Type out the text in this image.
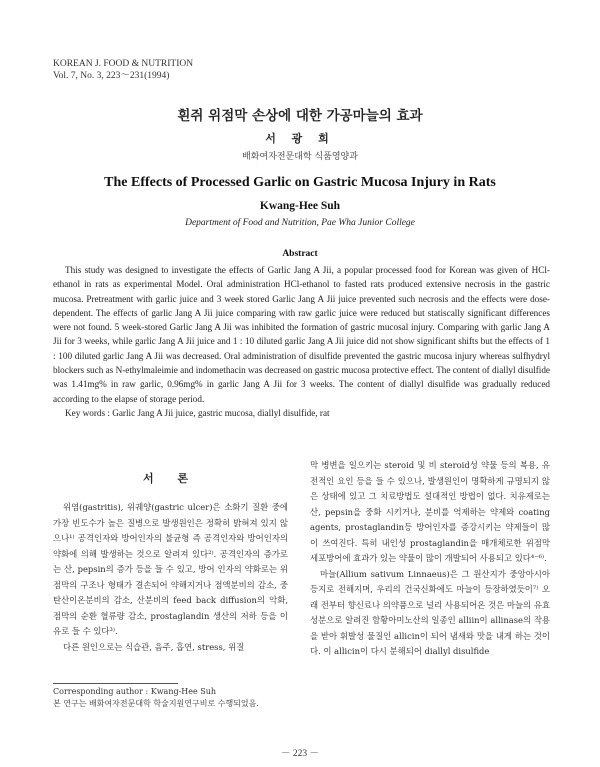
KOREAN J. FOOD & NUTRITION
Vol. 7, No. 3, 223～231(1994)
흰쥐 위점막 손상에 대한 가공마늘의 효과
서 광 희
배화여자전문대학 식품영양과
The Effects of Processed Garlic on Gastric Mucosa Injury in Rats
Kwang-Hee Suh
Department of Food and Nutrition, Pae Wha Junior College
Abstract

This study was designed to investigate the effects of Garlic Jang A Jii, a popular processed food for Korean was given of HCl-ethanol in rats as experimental Model. Oral administration HCl-ethanol to fasted rats produced extensive necrosis in the gastric mucosa. Pretreatment with garlic juice and 3 week stored Garlic Jang A Jii juice prevented such necrosis and the effects were dose-dependent. The effects of garlic Jang A Jii juice comparing with raw garlic juice were reduced but statiscally significant differences were not found. 5 week-stored Garlic Jang A Jii was inhibited the formation of gastric mucosal injury. Comparing with garlic Jang A Jii for 3 weeks, while garlic Jang A Jii juice and 1 : 10 diluted garlic Jang A Jii juice did not show significant shifts but the effects of 1 : 100 diluted garlic Jang A Jii was decreased. Oral administration of disulfide prevented the gastric mucosa injury whereas sulfhydryl blockers such as N-ethylmaleimie and indomethacin was decreased on gastric mucosa protective effect. The content of diallyl disulfide was 1.41mg% in raw garlic, 0.96mg% in garlic Jang A Jii for 3 weeks. The content of diallyl disulfide was gradually reduced according to the elapse of storage period.

Key words : Garlic Jang A Jii juice, gastric mucosa, diallyl disulfide, rat

서 론

위염(gastritis), 위궤양(gastric ulcer)은 소화기 질환 중에 가장 빈도수가 높은 질병으로 발생원인은 정확히 밝혀져 있지 않으나¹⁾ 공격인자와 방어인자의 불균형 즉 공격인자와 방어인자의 약화에 의해 발생하는 것으로 알려져 있다²⁾. 공격인자의 증가로는 산, pepsin의 증가 등을 들 수 있고, 방어 인자의 약화로는 위점막의 구조나 형태가 결손되어 약해지거나 점액분비의 감소, 중탄산이온분비의 감소, 산분비의 feed back diffusion의 악화, 점막의 순환 혈류량 감소, prostaglandin 생산의 저하 등을 이유로 들 수 있다³⁾.

다른 원인으로는 식습관, 음주, 흡연, stress, 위질

막 병변을 일으키는 steroid 및 비 steroid성 약물 등의 복용, 유전적인 요인 등을 들 수 있으나, 발생원인이 명확하게 규명되지 않은 상태에 있고 그 치료방법도 설대적인 방법이 없다. 치유제로는 산, pepsin을 중화 시키거나, 분비를 억제하는 약제와 coating agents, prostaglandin등 방어인자를 증강시키는 약제들이 많이 쓰여진다. 특히 내인성 prostaglandin을 매개체로한 위점막 세포방어에 효과가 있는 약물이 많이 개발되어 사용되고 있다⁴⁻⁶⁾.

마늘(Allium sativum Linnaeus)은 그 원산지가 중앙아시아 등지로 전해지며, 우리의 건국신화에도 마늘이 등장하였듯이⁷⁾ 오래 전부터 향신료나 의약품으로 널리 사용되어온 것은 마늘의 유효성분으로 알려진 함황아미노산의 일종인 alliin이 allinase의 작용을 받아 휘발성 물질인 allicin이 되어 냄새와 맛을 내게 하는 것이다. 이 allicin이 다시 분해되어 diallyl disulfide

Corresponding author : Kwang-Hee Suh
본 연구는 배화여자전문대학 학술지원연구비로 수행되었음.
－ 223 －
